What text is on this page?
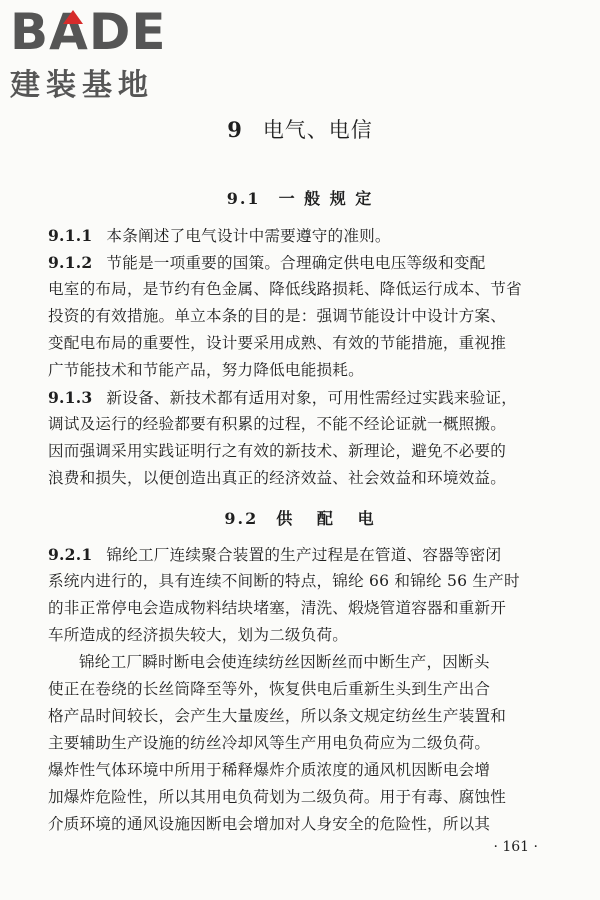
B A DE
建装基地
9 电气、电信
9.1 一 般 规 定
9.1.1 本条阐述了电气设计中需要遵守的准则。
9.1.2 节能是一项重要的国策。合理确定供电电压等级和变配
电室的布局，是节约有色金属、降低线路损耗、降低运行成本、节省
投资的有效措施。单立本条的目的是：强调节能设计中设计方案、
变配电布局的重要性，设计要采用成熟、有效的节能措施，重视推
广节能技术和节能产品，努力降低电能损耗。
9.1.3 新设备、新技术都有适用对象，可用性需经过实践来验证，
调试及运行的经验都要有积累的过程，不能不经论证就一概照搬。
因而强调采用实践证明行之有效的新技术、新理论，避免不必要的
浪费和损失，以便创造出真正的经济效益、社会效益和环境效益。
9.2 供   配   电
9.2.1 锦纶工厂连续聚合装置的生产过程是在管道、容器等密闭
系统内进行的，具有连续不间断的特点，锦纶 66 和锦纶 56 生产时
的非正常停电会造成物料结块堵塞，清洗、煅烧管道容器和重新开
车所造成的经济损失较大，划为二级负荷。
锦纶工厂瞬时断电会使连续纺丝因断丝而中断生产，因断头
使正在卷绕的长丝筒降至等外，恢复供电后重新生头到生产出合
格产品时间较长，会产生大量废丝，所以条文规定纺丝生产装置和
主要辅助生产设施的纺丝冷却风等生产用电负荷应为二级负荷。
爆炸性气体环境中所用于稀释爆炸介质浓度的通风机因断电会增
加爆炸危险性，所以其用电负荷划为二级负荷。用于有毒、腐蚀性
介质环境的通风设施因断电会增加对人身安全的危险性，所以其
· 161 ·
